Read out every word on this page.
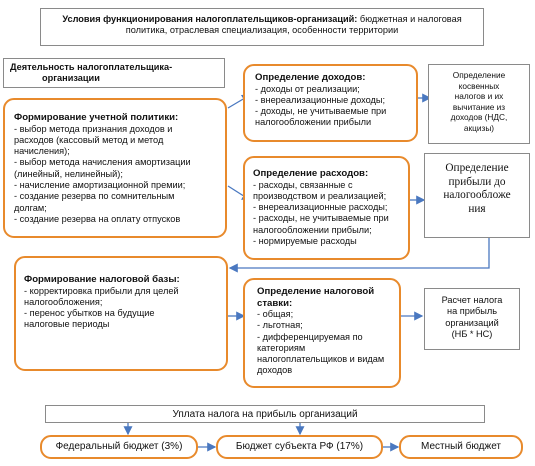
Условия функционирования налогоплательщиков-организаций: бюджетная и налоговая политика, отраслевая специализация, особенности территории
Деятельность налогоплательщика-
организации
Формирование учетной политики:
- выбор метода признания доходов и
расходов (кассовый метод и метод
начисления);
- выбор метода начисления амортизации
(линейный, нелинейный);
- начисление амортизационной премии;
- создание резерва по сомнительным
долгам;
- создание резерва на оплату отпусков
Определение доходов:
- доходы от реализации;
- внереализационные доходы;
- доходы, не учитываемые при
налогообложении прибыли
Определение
косвенных
налогов и их
вычитание из
доходов (НДС,
акцизы)
Определение расходов:
- расходы, связанные с
производством и реализацией;
- внереализационные расходы;
- расходы, не учитываемые при
налогообложении прибыли;
- нормируемые расходы
Определение
прибыли до
налогообложе
ния
Формирование налоговой базы:
- корректировка прибыли для целей
налогообложения;
- перенос убытков на будущие
налоговые периоды
Определение налоговой
ставки:
- общая;
- льготная;
- дифференцируемая по
категориям
налогоплательщиков и видам
доходов
Расчет налога
на прибыль
организаций
(НБ * НС)
Уплата налога на прибыль организаций
Федеральный бюджет (3%)	Бюджет субъекта РФ (17%)	Местный бюджет
